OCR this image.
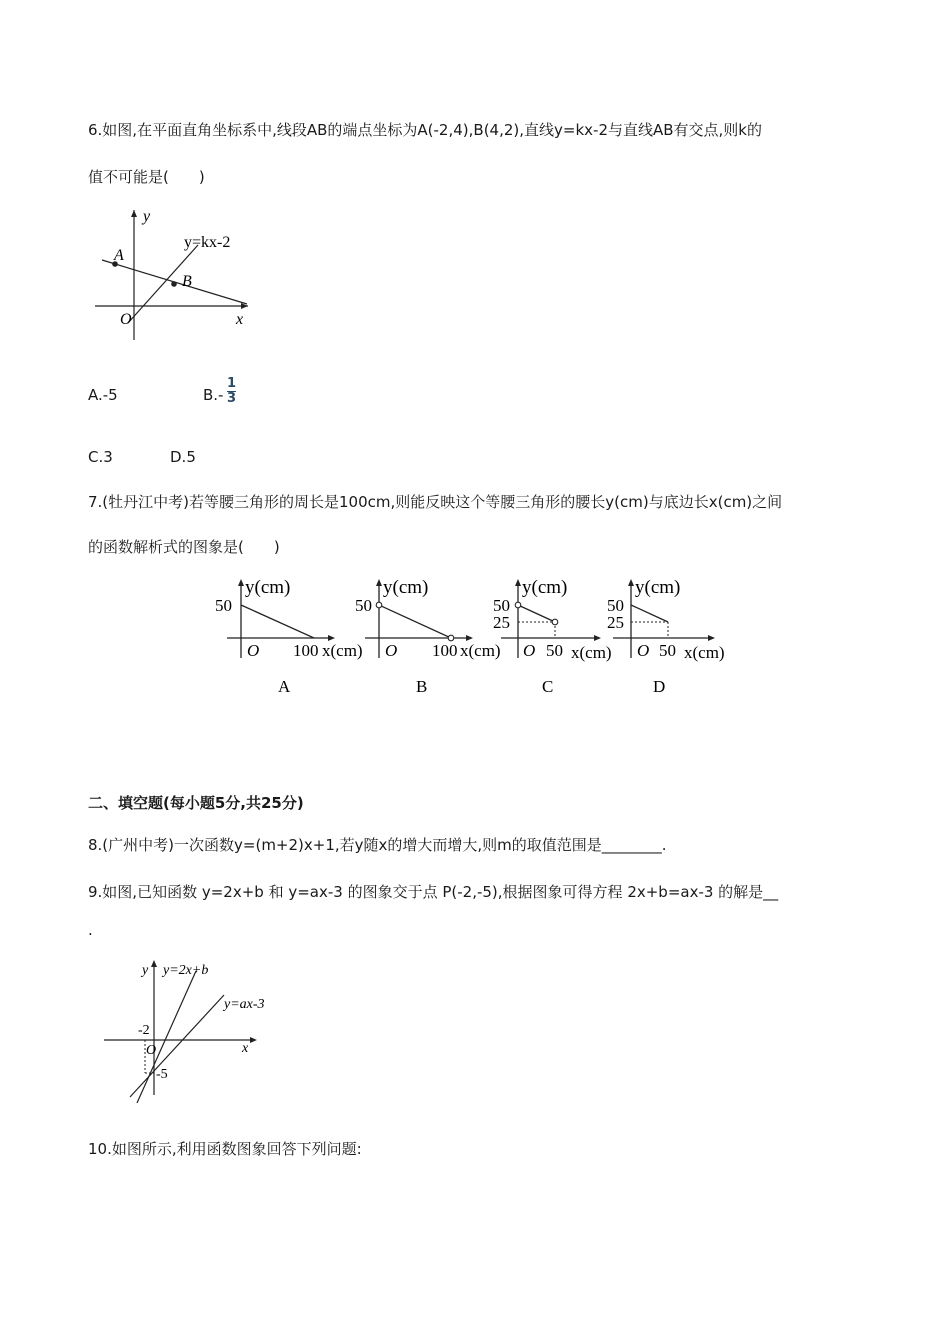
6.如图,在平面直角坐标系中,线段AB的端点坐标为A(-2,4),B(4,2),直线y=kx-2与直线AB有交点,则k的
值不可能是(　　)
y
y=kx-2
A
B
O	x
A.-5	$B.- \frac{1}{3}$
C.3	D.5
7.(牡丹江中考)若等腰三角形的周长是100cm,则能反映这个等腰三角形的腰长y(cm)与底边长x(cm)之间
的函数解析式的图象是(　　)
y(cm)
50
O 100 x(cm)
A
y(cm)
50
O 100 x(cm)
B
y(cm)
50
25
O 50 x(cm)
C
y(cm)
50
25
O 50 x(cm)
D
二、填空题(每小题5分,共25分)
8.(广州中考)一次函数y=(m+2)x+1,若y随x的增大而增大,则m的取值范围是________.
9.如图,已知函数 y=2x+b 和 y=ax-3 的图象交于点 P(-2,-5),根据图象可得方程 2x+b=ax-3 的解是__
.
y y=2x+b
y=ax-3
-2
O	x
-5
10.如图所示,利用函数图象回答下列问题:
